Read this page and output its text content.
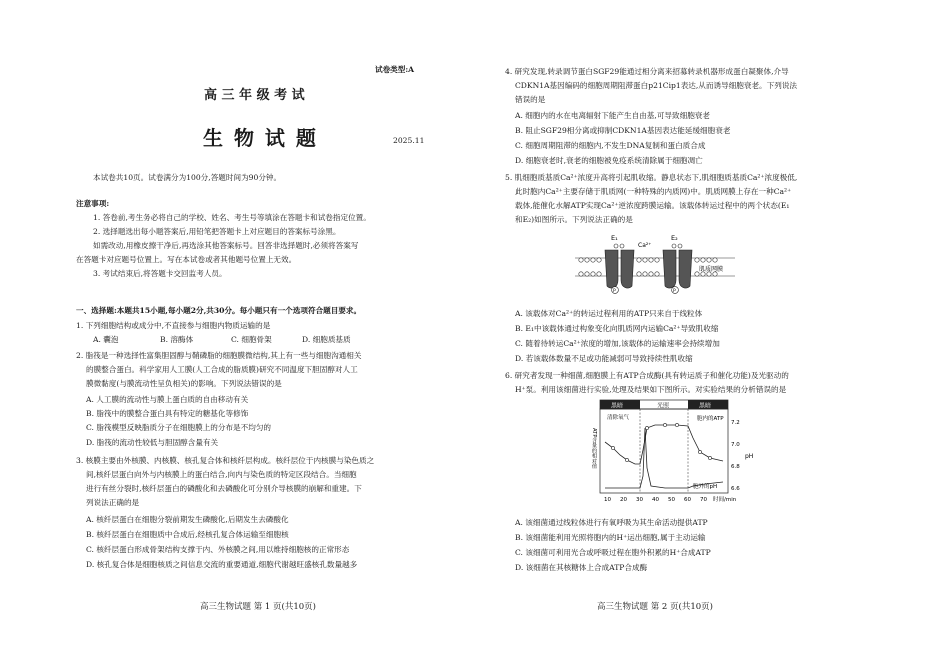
试卷类型:A
高 三 年 级 考 试
生 物 试 题	2025.11
本试卷共10页。试卷满分为100分,答题时间为90分钟。
注意事项:
1. 答卷前,考生务必将自己的学校、姓名、考生号等填涂在答题卡和试卷指定位置。
2. 选择题选出每小题答案后,用铅笔把答题卡上对应题目的答案标号涂黑。
如需改动,用橡皮擦干净后,再选涂其他答案标号。回答非选择题时,必须将答案写
在答题卡对应题号位置上。写在本试卷或者其他题号位置上无效。
3. 考试结束后,将答题卡交回监考人员。
一、选择题:本题共15小题,每小题2分,共30分。每小题只有一个选项符合题目要求。
1. 下列细胞结构或成分中,不直接参与细胞内物质运输的是
A. 囊泡	B. 溶酶体	C. 细胞骨架	D. 细胞质基质
2. 脂筏是一种选择性富集胆固醇与鞘磷脂的细胞膜微结构,其上有一些与细胞沟通相关
的膜整合蛋白。科学家用人工膜(人工合成的脂质膜)研究不同温度下胆固醇对人工
膜微黏度(与膜流动性呈负相关)的影响。下列说法错误的是
A. 人工膜的流动性与膜上蛋白质的自由移动有关
B. 脂筏中的膜整合蛋白具有特定的糖基化等修饰
C. 脂筏模型反映脂质分子在细胞膜上的分布是不均匀的
D. 脂筏的流动性较低与胆固醇含量有关
3. 核膜主要由外核膜、内核膜、核孔复合体和核纤层构成。核纤层位于内核膜与染色质之
间,核纤层蛋白向外与内核膜上的蛋白结合,向内与染色质的特定区段结合。当细胞
进行有丝分裂时,核纤层蛋白的磷酸化和去磷酸化可分别介导核膜的崩解和重建。下
列说法正确的是
A. 核纤层蛋白在细胞分裂前期发生磷酸化,后期发生去磷酸化
B. 核纤层蛋白在细胞质中合成后,经核孔复合体运输至细胞核
C. 核纤层蛋白形成骨架结构支撑于内、外核膜之间,用以维持细胞核的正常形态
D. 核孔复合体是细胞核质之间信息交流的重要通道,细胞代谢越旺盛核孔数量越多
高三生物试题 第 1 页(共10页)
4. 研究发现,转录调节蛋白SGF29能通过相分离来招募转录机器形成蛋白凝聚体,介导
CDKN1A基因编码的细胞周期阻滞蛋白p21Cip1表达,从而诱导细胞衰老。下列说法
错误的是
A. 细胞内的水在电离辐射下能产生自由基,可导致细胞衰老
B. 阻止SGF29相分离或抑制CDKN1A基因表达能延缓细胞衰老
C. 细胞周期阻滞的细胞内,不发生DNA复制和蛋白质合成
D. 细胞衰老时,衰老的细胞被免疫系统清除属于细胞凋亡
5. 肌细胞质基质Ca²⁺浓度升高将引起肌收缩。静息状态下,肌细胞质基质Ca²⁺浓度极低,
此时胞内Ca²⁺主要存储于肌质网(一种特殊的内质网)中。肌质网膜上存在一种Ca²⁺
载体,能催化水解ATP实现Ca²⁺逆浓度跨膜运输。该载体转运过程中的两个状态(E₁
和E₂)如图所示。下列说法正确的是
E₁	E₂
Ca²⁺
肌质网膜
P	P
A. 该载体对Ca²⁺的转运过程利用的ATP只来自于线粒体
B. E₁中该载体通过构象变化向肌质网内运输Ca²⁺导致肌收缩
C. 随着待转运Ca²⁺浓度的增加,该载体的运输速率会持续增加
D. 若该载体数量不足或功能减弱可导致持续性肌收缩
6. 研究者发现一种细菌,细胞膜上有ATP合成酶(具有转运质子和催化功能)及光驱动的
H⁺泵。利用该细菌进行实验,处理及结果如下图所示。对实验结果的分析错误的是
黑暗	光照	黑暗
清除氧气	胞内的ATP
胞外的pH
ATP含量的相对值
7.2
7.0
6.8
6.6
pH
10 20 30 40 50 60 70 时间/min
A. 该细菌通过线粒体进行有氧呼吸为其生命活动提供ATP
B. 该细菌能利用光照将胞内的H⁺运出细胞,属于主动运输
C. 该细菌可利用光合或呼吸过程在胞外积累的H⁺合成ATP
D. 该细菌在其核糖体上合成ATP合成酶
高三生物试题 第 2 页(共10页)
